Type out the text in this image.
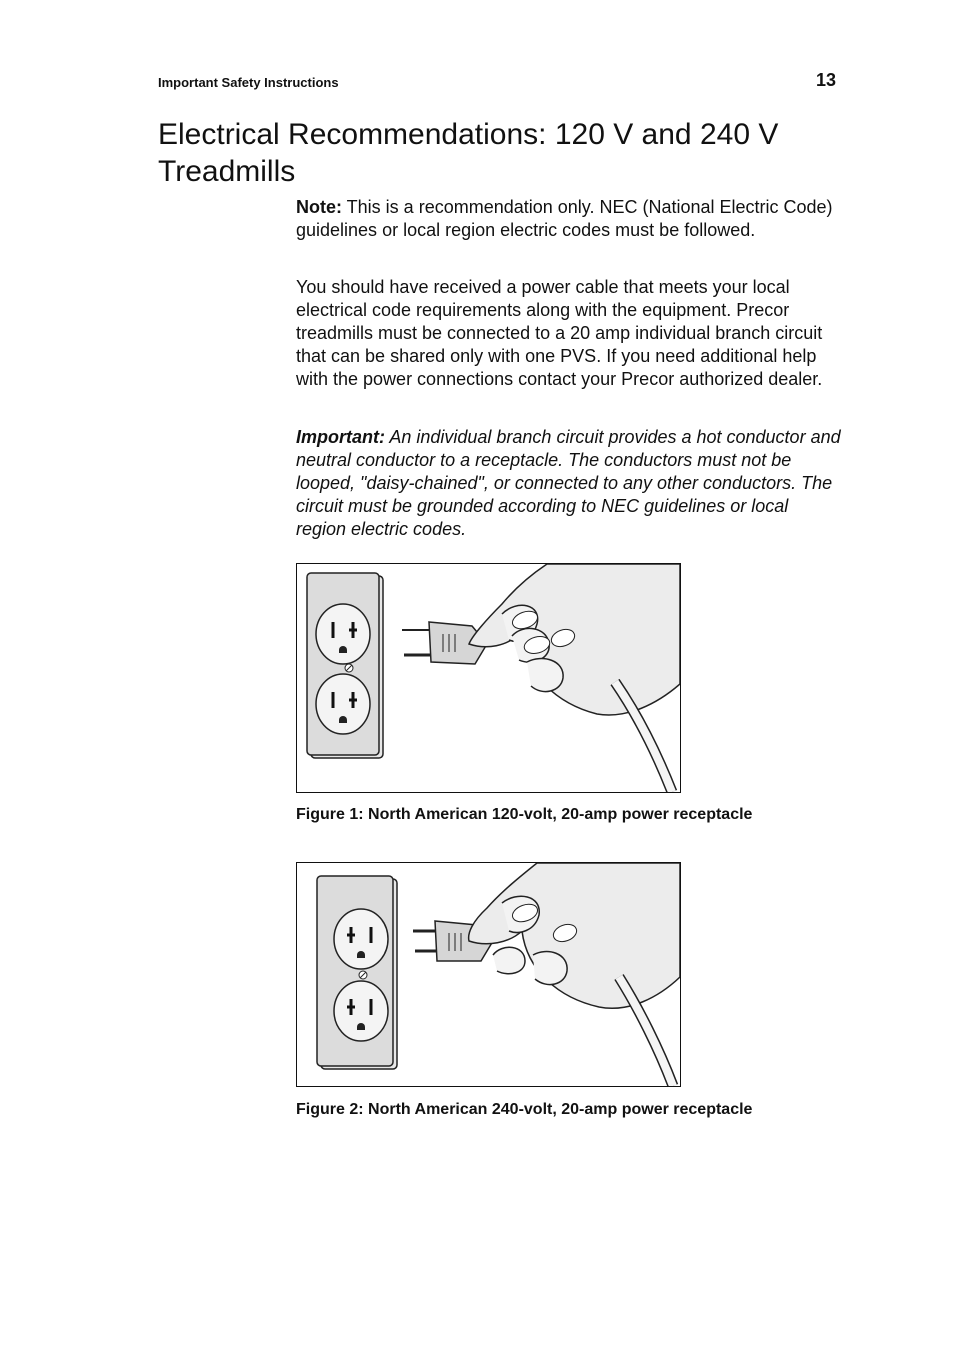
Important Safety Instructions	13
Electrical Recommendations: 120 V and 240 V Treadmills

Note: This is a recommendation only. NEC (National Electric Code) guidelines or local region electric codes must be followed.

You should have received a power cable that meets your local electrical code requirements along with the equipment. Precor treadmills must be connected to a 20 amp individual branch circuit that can be shared only with one PVS. If you need additional help with the power connections contact your Precor authorized dealer.

Important: An individual branch circuit provides a hot conductor and neutral conductor to a receptacle. The conductors must not be looped, "daisy-chained", or connected to any other conductors. The circuit must be grounded according to NEC guidelines or local region electric codes.

Figure 1: North American 120-volt, 20-amp power receptacle
Figure 2: North American 240-volt, 20-amp power receptacle
